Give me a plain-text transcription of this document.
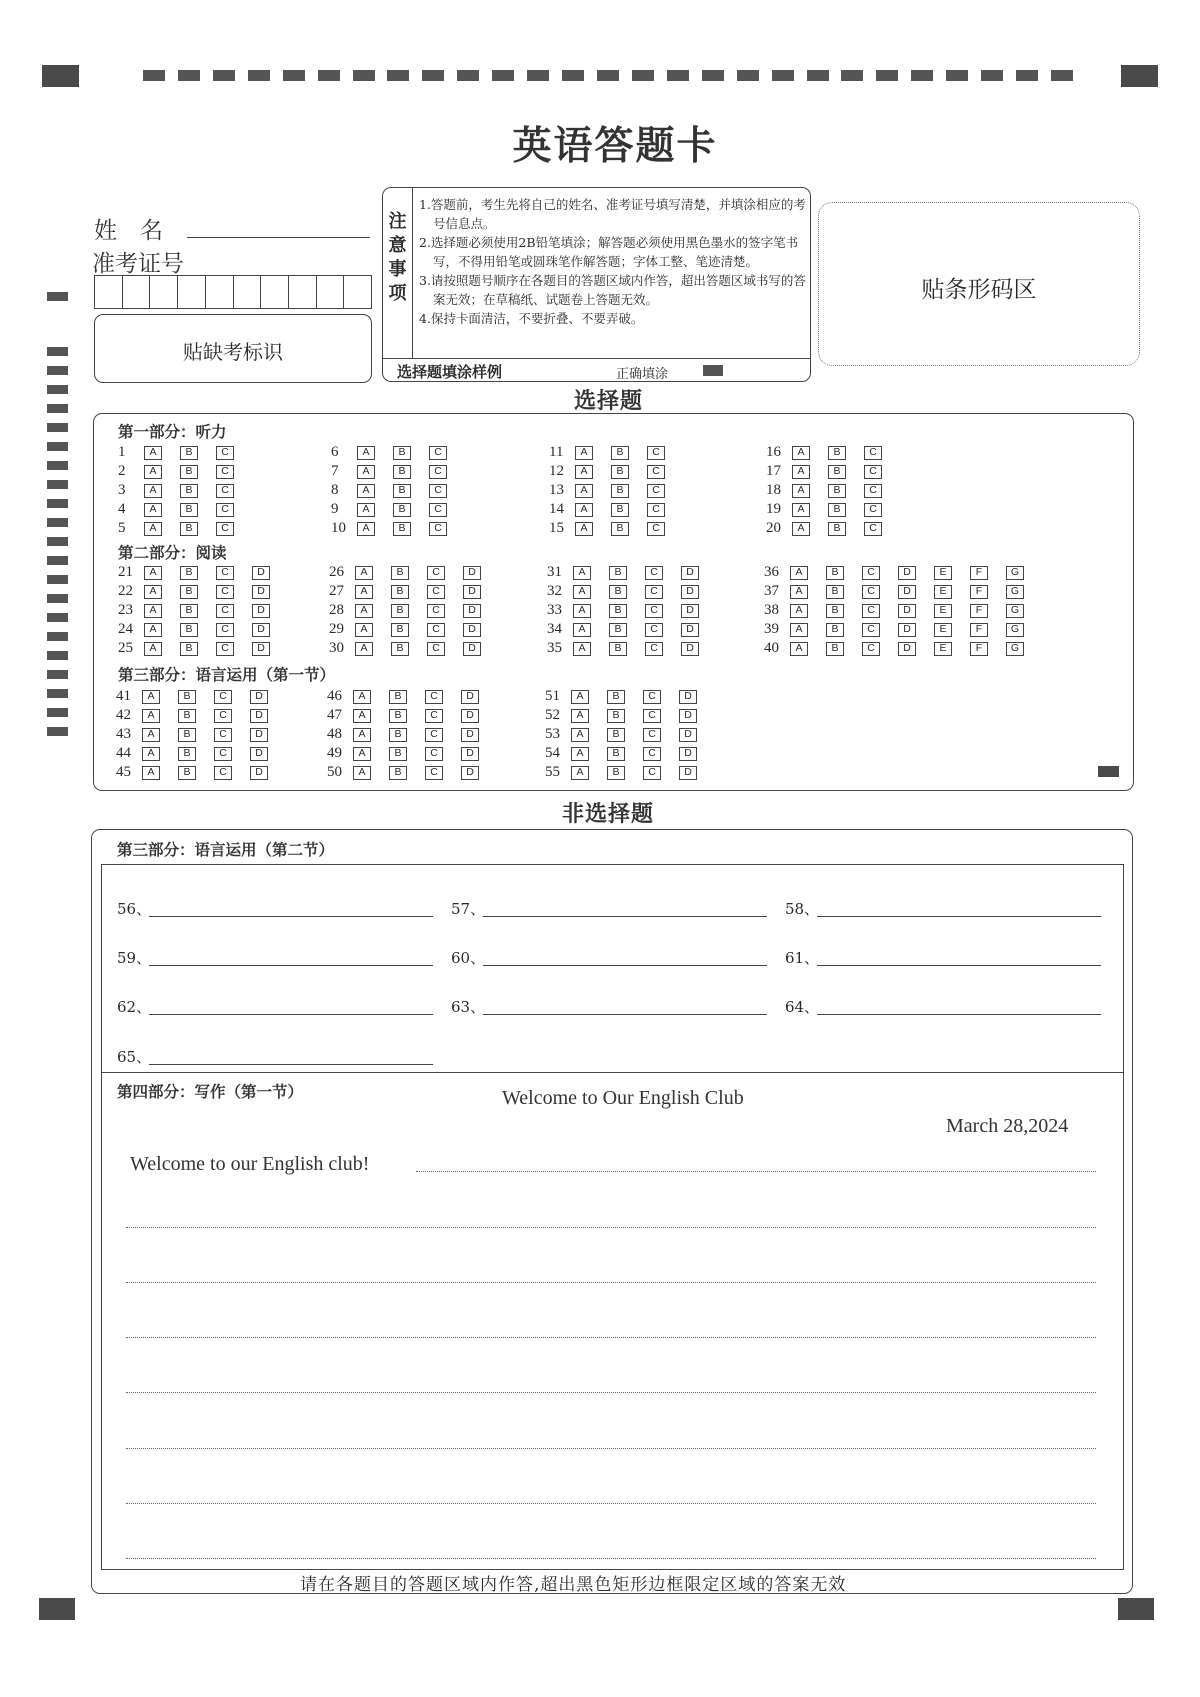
英语答题卡
姓　名
准考证号
贴缺考标识
注意事项
1.答题前，考生先将自己的姓名、准考证号填写清楚，并填涂相应的考号信息点。
2.选择题必须使用2B铅笔填涂；解答题必须使用黑色墨水的签字笔书写，不得用铅笔或圆珠笔作解答题；字体工整、笔迹清楚。
3.请按照题号顺序在各题目的答题区域内作答，超出答题区域书写的答案无效；在草稿纸、试题卷上答题无效。
4.保持卡面清洁，不要折叠、不要弄破。
选择题填涂样例	正确填涂
贴条形码区
选择题
第一部分：听力
1	A	B	C
2	A	B	C
3	A	B	C
4	A	B	C
5	A	B	C
6	A	B	C
7	A	B	C
8	A	B	C
9	A	B	C
10	A	B	C
11	A	B	C
12	A	B	C
13	A	B	C
14	A	B	C
15	A	B	C
16	A	B	C
17	A	B	C
18	A	B	C
19	A	B	C
20	A	B	C
第二部分：阅读
21	A	B	C	D
22	A	B	C	D
23	A	B	C	D
24	A	B	C	D
25	A	B	C	D
26	A	B	C	D
27	A	B	C	D
28	A	B	C	D
29	A	B	C	D
30	A	B	C	D
31	A	B	C	D
32	A	B	C	D
33	A	B	C	D
34	A	B	C	D
35	A	B	C	D
36	A	B	C	D	E	F	G
37	A	B	C	D	E	F	G
38	A	B	C	D	E	F	G
39	A	B	C	D	E	F	G
40	A	B	C	D	E	F	G
第三部分：语言运用（第一节）
41	A	B	C	D
42	A	B	C	D
43	A	B	C	D
44	A	B	C	D
45	A	B	C	D
46	A	B	C	D
47	A	B	C	D
48	A	B	C	D
49	A	B	C	D
50	A	B	C	D
51	A	B	C	D
52	A	B	C	D
53	A	B	C	D
54	A	B	C	D
55	A	B	C	D
非选择题
第三部分：语言运用（第二节）
56、	57、	58、
59、	60、	61、
62、	63、	64、
65、
第四部分：写作（第一节）	Welcome to Our English Club
March 28,2024
Welcome to our English club!
请在各题目的答题区域内作答,超出黑色矩形边框限定区域的答案无效
